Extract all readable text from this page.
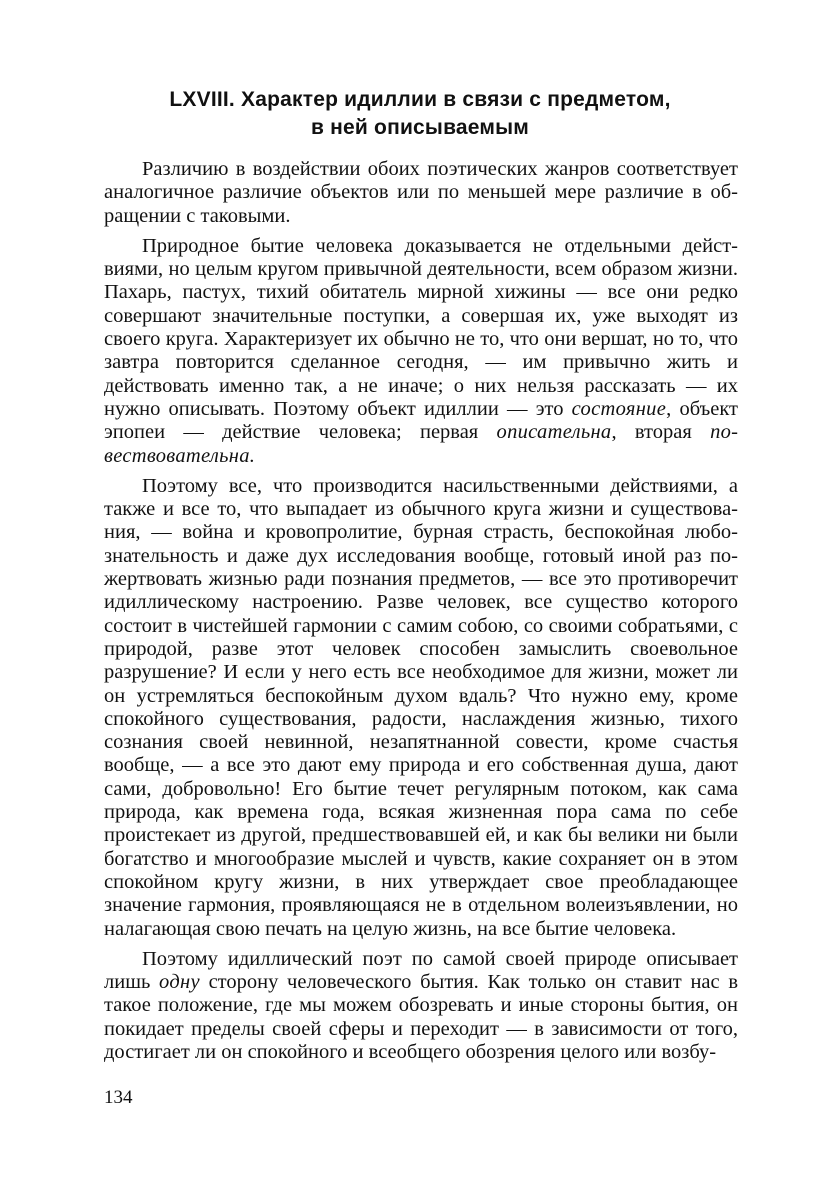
LXVIII. Характер идиллии в связи с предметом,
в ней описываемым

Различию в воздействии обоих поэтических жанров соответствует аналогичное различие объектов или по меньшей мере различие в обращении с таковыми.

Природное бытие человека доказывается не отдельными действиями, но целым кругом привычной деятельности, всем образом жизни. Пахарь, пастух, тихий обитатель мирной хижины — все они редко совершают значительные поступки, а совершая их, уже выходят из своего круга. Характеризует их обычно не то, что они вершат, но то, что завтра повторится сделанное сегодня, — им привычно жить и действовать именно так, а не иначе; о них нельзя рассказать — их нужно описывать. Поэтому объект идиллии — это состояние, объект эпопеи — действие человека; первая описательна, вторая повествовательна.

Поэтому все, что производится насильственными действиями, а также и все то, что выпадает из обычного круга жизни и существования, — война и кровопролитие, бурная страсть, беспокойная любознательность и даже дух исследования вообще, готовый иной раз пожертвовать жизнью ради познания предметов, — все это противоречит идиллическому настроению. Разве человек, все существо которого состоит в чистейшей гармонии с самим собою, со своими собратьями, с природой, разве этот человек способен замыслить своевольное разрушение? И если у него есть все необходимое для жизни, может ли он устремляться беспокойным духом вдаль? Что нужно ему, кроме спокойного существования, радости, наслаждения жизнью, тихого сознания своей невинной, незапятнанной совести, кроме счастья вообще, — а все это дают ему природа и его собственная душа, дают сами, добровольно! Его бытие течет регулярным потоком, как сама природа, как времена года, всякая жизненная пора сама по себе проистекает из другой, предшествовавшей ей, и как бы велики ни были богатство и многообразие мыслей и чувств, какие сохраняет он в этом спокойном кругу жизни, в них утверждает свое преобладающее значение гармония, проявляющаяся не в отдельном волеизъявлении, но налагающая свою печать на целую жизнь, на все бытие человека.

Поэтому идиллический поэт по самой своей природе описывает лишь одну сторону человеческого бытия. Как только он ставит нас в такое положение, где мы можем обозревать и иные стороны бытия, он покидает пределы своей сферы и переходит — в зависимости от того, достигает ли он спокойного и всеобщего обозрения целого или возбу-

134
